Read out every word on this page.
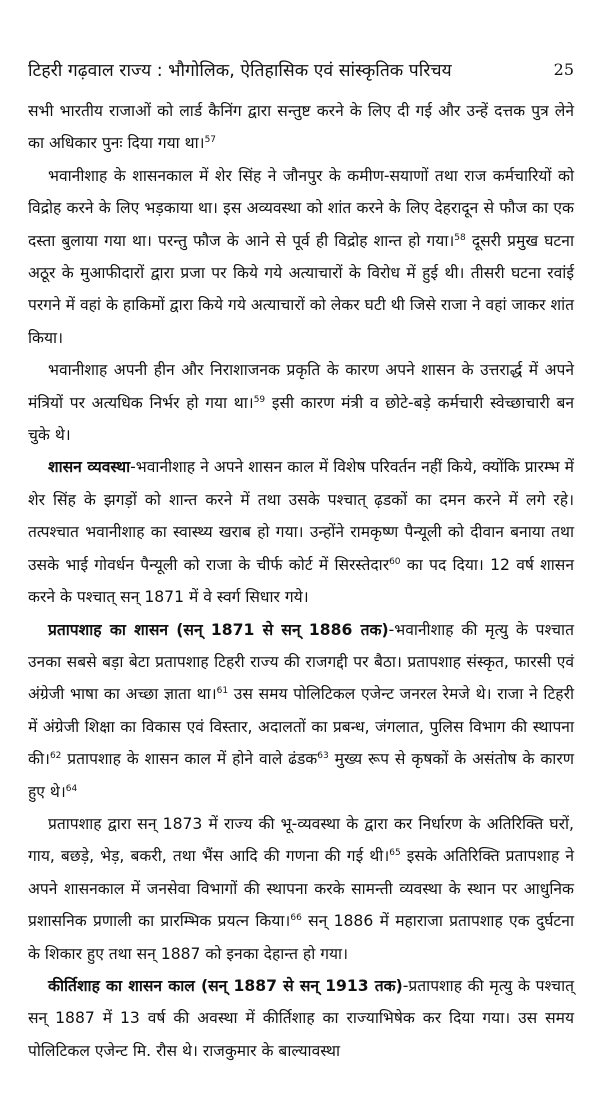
टिहरी गढ़वाल राज्य : भौगोलिक, ऐतिहासिक एवं सांस्कृतिक परिचय	25

सभी भारतीय राजाओं को लार्ड कैनिंग द्वारा सन्तुष्ट करने के लिए दी गई और उन्हें दत्तक पुत्र लेने का अधिकार पुनः दिया गया था।$^{57}$

भवानीशाह के शासनकाल में शेर सिंह ने जौनपुर के कमीण-सयाणों तथा राज कर्मचारियों को विद्रोह करने के लिए भड़काया था। इस अव्यवस्था को शांत करने के लिए देहरादून से फौज का एक दस्ता बुलाया गया था। परन्तु फौज के आने से पूर्व ही विद्रोह शान्त हो गया।$^{58}$ दूसरी प्रमुख घटना अठूर के मुआफीदारों द्वारा प्रजा पर किये गये अत्याचारों के विरोध में हुई थी। तीसरी घटना रवांई परगने में वहां के हाकिमों द्वारा किये गये अत्याचारों को लेकर घटी थी जिसे राजा ने वहां जाकर शांत किया।

भवानीशाह अपनी हीन और निराशाजनक प्रकृति के कारण अपने शासन के उत्तरार्द्ध में अपने मंत्रियों पर अत्यधिक निर्भर हो गया था।$^{59}$ इसी कारण मंत्री व छोटे-बड़े कर्मचारी स्वेच्छाचारी बन चुके थे।

शासन व्यवस्था-भवानीशाह ने अपने शासन काल में विशेष परिवर्तन नहीं किये, क्योंकि प्रारम्भ में शेर सिंह के झगड़ों को शान्त करने में तथा उसके पश्चात् ढ़डकों का दमन करने में लगे रहे। तत्पश्चात भवानीशाह का स्वास्थ्य खराब हो गया। उन्होंने रामकृष्ण पैन्यूली को दीवान बनाया तथा उसके भाई गोवर्धन पैन्यूली को राजा के चीर्फ कोर्ट में सिरस्तेदार$^{60}$ का पद दिया। 12 वर्ष शासन करने के पश्चात् सन् 1871 में वे स्वर्ग सिधार गये।

प्रतापशाह का शासन (सन् 1871 से सन् 1886 तक)-भवानीशाह की मृत्यु के पश्चात उनका सबसे बड़ा बेटा प्रतापशाह टिहरी राज्य की राजगद्दी पर बैठा। प्रतापशाह संस्कृत, फारसी एवं अंग्रेजी भाषा का अच्छा ज्ञाता था।$^{61}$ उस समय पोलिटिकल एजेन्ट जनरल रेमजे थे। राजा ने टिहरी में अंग्रेजी शिक्षा का विकास एवं विस्तार, अदालतों का प्रबन्ध, जंगलात, पुलिस विभाग की स्थापना की।$^{62}$ प्रतापशाह के शासन काल में होने वाले ढंडक$^{63}$ मुख्य रूप से कृषकों के असंतोष के कारण हुए थे।$^{64}$

प्रतापशाह द्वारा सन् 1873 में राज्य की भू-व्यवस्था के द्वारा कर निर्धारण के अतिरिक्ति घरों, गाय, बछड़े, भेड़, बकरी, तथा भैंस आदि की गणना की गई थी।$^{65}$ इसके अतिरिक्ति प्रतापशाह ने अपने शासनकाल में जनसेवा विभागों की स्थापना करके सामन्ती व्यवस्था के स्थान पर आधुनिक प्रशासनिक प्रणाली का प्रारम्भिक प्रयत्न किया।$^{66}$ सन् 1886 में महाराजा प्रतापशाह एक दुर्घटना के शिकार हुए तथा सन् 1887 को इनका देहान्त हो गया।

कीर्तिशाह का शासन काल (सन् 1887 से सन् 1913 तक)-प्रतापशाह की मृत्यु के पश्चात् सन् 1887 में 13 वर्ष की अवस्था में कीर्तिशाह का राज्याभिषेक कर दिया गया। उस समय पोलिटिकल एजेन्ट मि. रौस थे। राजकुमार के बाल्यावस्था
